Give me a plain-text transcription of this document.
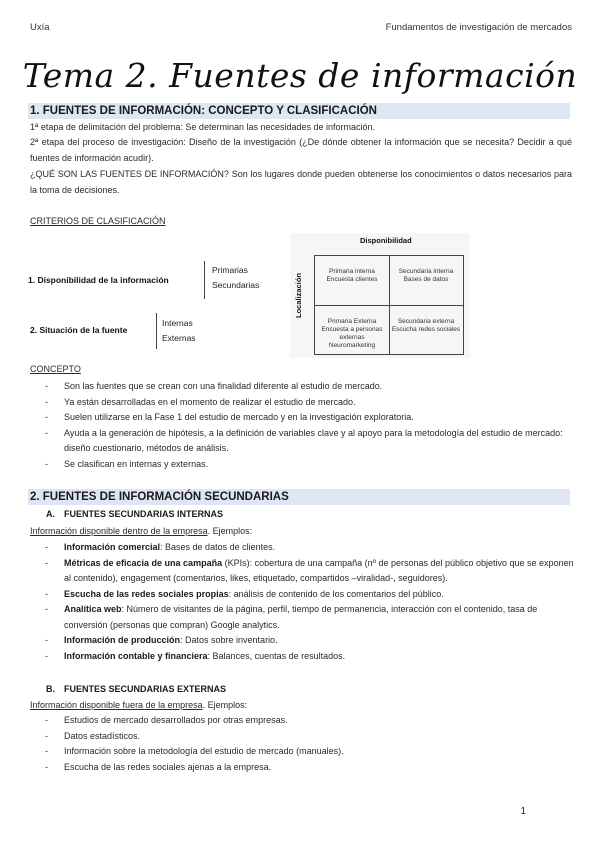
Uxía	Fundamentos de investigación de mercados
Tema 2. Fuentes de información
1. FUENTES DE INFORMACIÓN: CONCEPTO Y CLASIFICACIÓN
1ª etapa de delimitación del problema: Se determinan las necesidades de información.
2ª etapa del proceso de investigación: Diseño de la investigación (¿De dónde obtener la información que se necesita? Decidir a qué fuentes de información acudir).
¿QUÉ SON LAS FUENTES DE INFORMACIÓN? Son los lugares donde pueden obtenerse los conocimientos o datos necesarios para la toma de decisiones.
CRITERIOS DE CLASIFICACIÓN
1. Disponibilidad de la información
Primarias
Secundarias
2. Situación de la fuente
Internas
Externas
Disponibilidad
Localización
Primaria interna
Encuesta clientes
Secundaria interna
Bases de datos
Primaria Externa
Encuesta a personas externas
Neuromarketing
Secundaria externa
Escucha redes sociales
CONCEPTO
- Son las fuentes que se crean con una finalidad diferente al estudio de mercado.
- Ya están desarrolladas en el momento de realizar el estudio de mercado.
- Suelen utilizarse en la Fase 1 del estudio de mercado y en la investigación exploratoria.
- Ayuda a la generación de hipótesis, a la definición de variables clave y al apoyo para la metodología del estudio de mercado: diseño cuestionario, métodos de análisis.
- Se clasifican en internas y externas.
2. FUENTES DE INFORMACIÓN SECUNDARIAS
A. FUENTES SECUNDARIAS INTERNAS
Información disponible dentro de la empresa. Ejemplos:
- Información comercial: Bases de datos de clientes.
- Métricas de eficacia de una campaña (KPIs): cobertura de una campaña (nº de personas del público objetivo que se exponen al contenido), engagement (comentarios, likes, etiquetado, compartidos –viralidad-, seguidores).
- Escucha de las redes sociales propias: análisis de contenido de los comentarios del público.
- Analítica web: Número de visitantes de la página, perfil, tiempo de permanencia, interacción con el contenido, tasa de conversión (personas que compran) Google analytics.
- Información de producción: Datos sobre inventario.
- Información contable y financiera: Balances, cuentas de resultados.
B. FUENTES SECUNDARIAS EXTERNAS
Información disponible fuera de la empresa. Ejemplos:
- Estudios de mercado desarrollados por otras empresas.
- Datos estadísticos.
- Información sobre la metodología del estudio de mercado (manuales).
- Escucha de las redes sociales ajenas a la empresa.
1
